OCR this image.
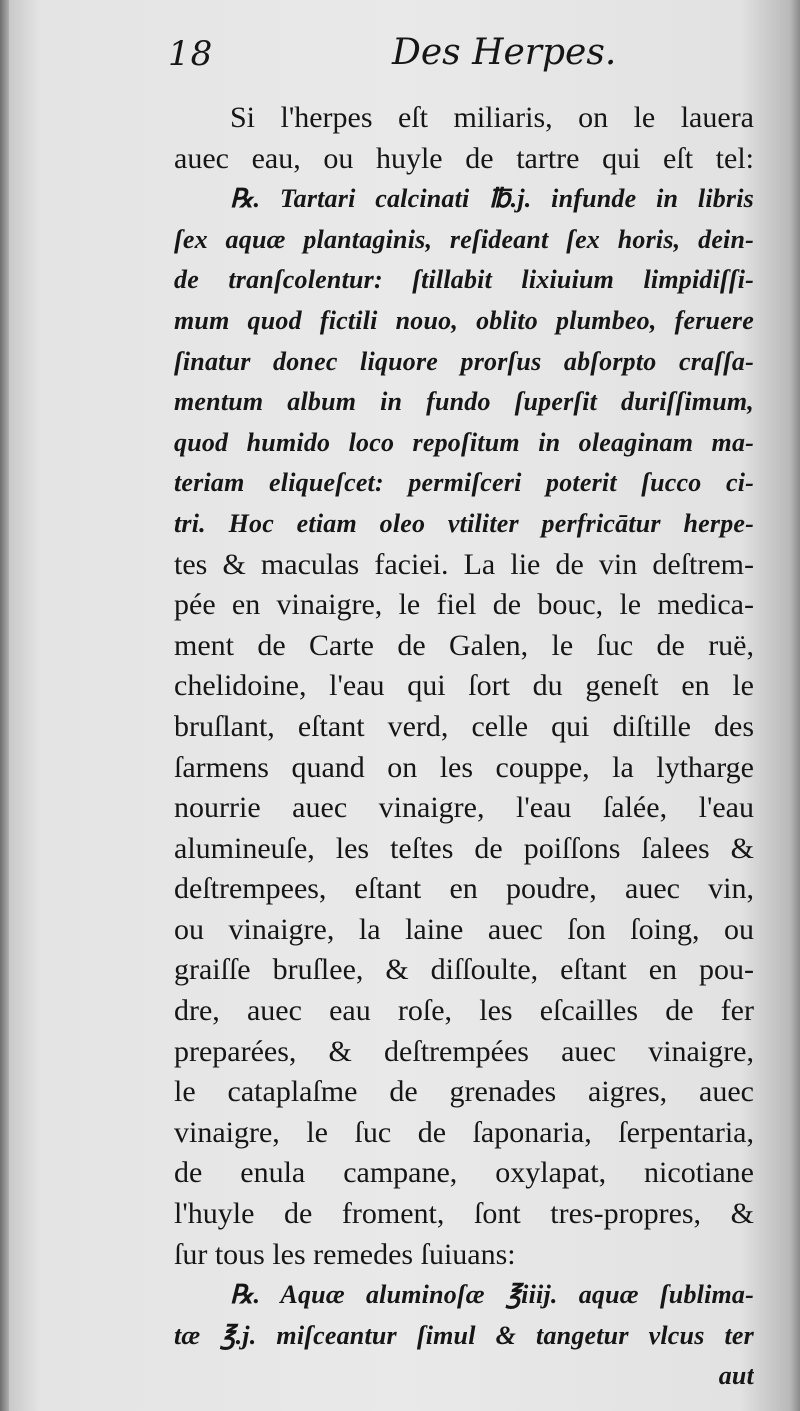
18	Des Herpes.
Si l'herpes eſt miliaris, on le lauera
auec eau, ou huyle de tartre qui eſt tel:
℞. Tartari calcinati ℔.j. infunde in libris
ſex aquæ plantaginis, reſideant ſex horis, dein-
de tranſcolentur: ſtillabit lixiuium limpidiſſi-
mum quod fictili nouo, oblito plumbeo, feruere
ſinatur donec liquore prorſus abſorpto craſſa-
mentum album in fundo ſuperſit duriſſimum,
quod humido loco repoſitum in oleaginam ma-
teriam eliqueſcet: permiſceri poterit ſucco ci-
tri. Hoc etiam oleo vtiliter perfricātur herpe-
tes & maculas faciei. La lie de vin deſtrem-
pée en vinaigre, le fiel de bouc, le medica-
ment de Carte de Galen, le ſuc de ruë,
chelidoine, l'eau qui ſort du geneſt en le
bruſlant, eſtant verd, celle qui diſtille des
ſarmens quand on les couppe, la lytharge
nourrie auec vinaigre, l'eau ſalée, l'eau
alumineuſe, les teſtes de poiſſons ſalees &
deſtrempees, eſtant en poudre, auec vin,
ou vinaigre, la laine auec ſon ſoing, ou
graiſſe bruſlee, & diſſoulte, eſtant en pou-
dre, auec eau roſe, les eſcailles de fer
preparées, & deſtrempées auec vinaigre,
le cataplaſme de grenades aigres, auec
vinaigre, le ſuc de ſaponaria, ſerpentaria,
de enula campane, oxylapat, nicotiane
l'huyle de froment, ſont tres-propres, &
ſur tous les remedes ſuiuans:
℞. Aquæ aluminoſæ ℥iiij. aquæ ſublima-
tæ ℥.j. miſceantur ſimul & tangetur vlcus ter
aut
